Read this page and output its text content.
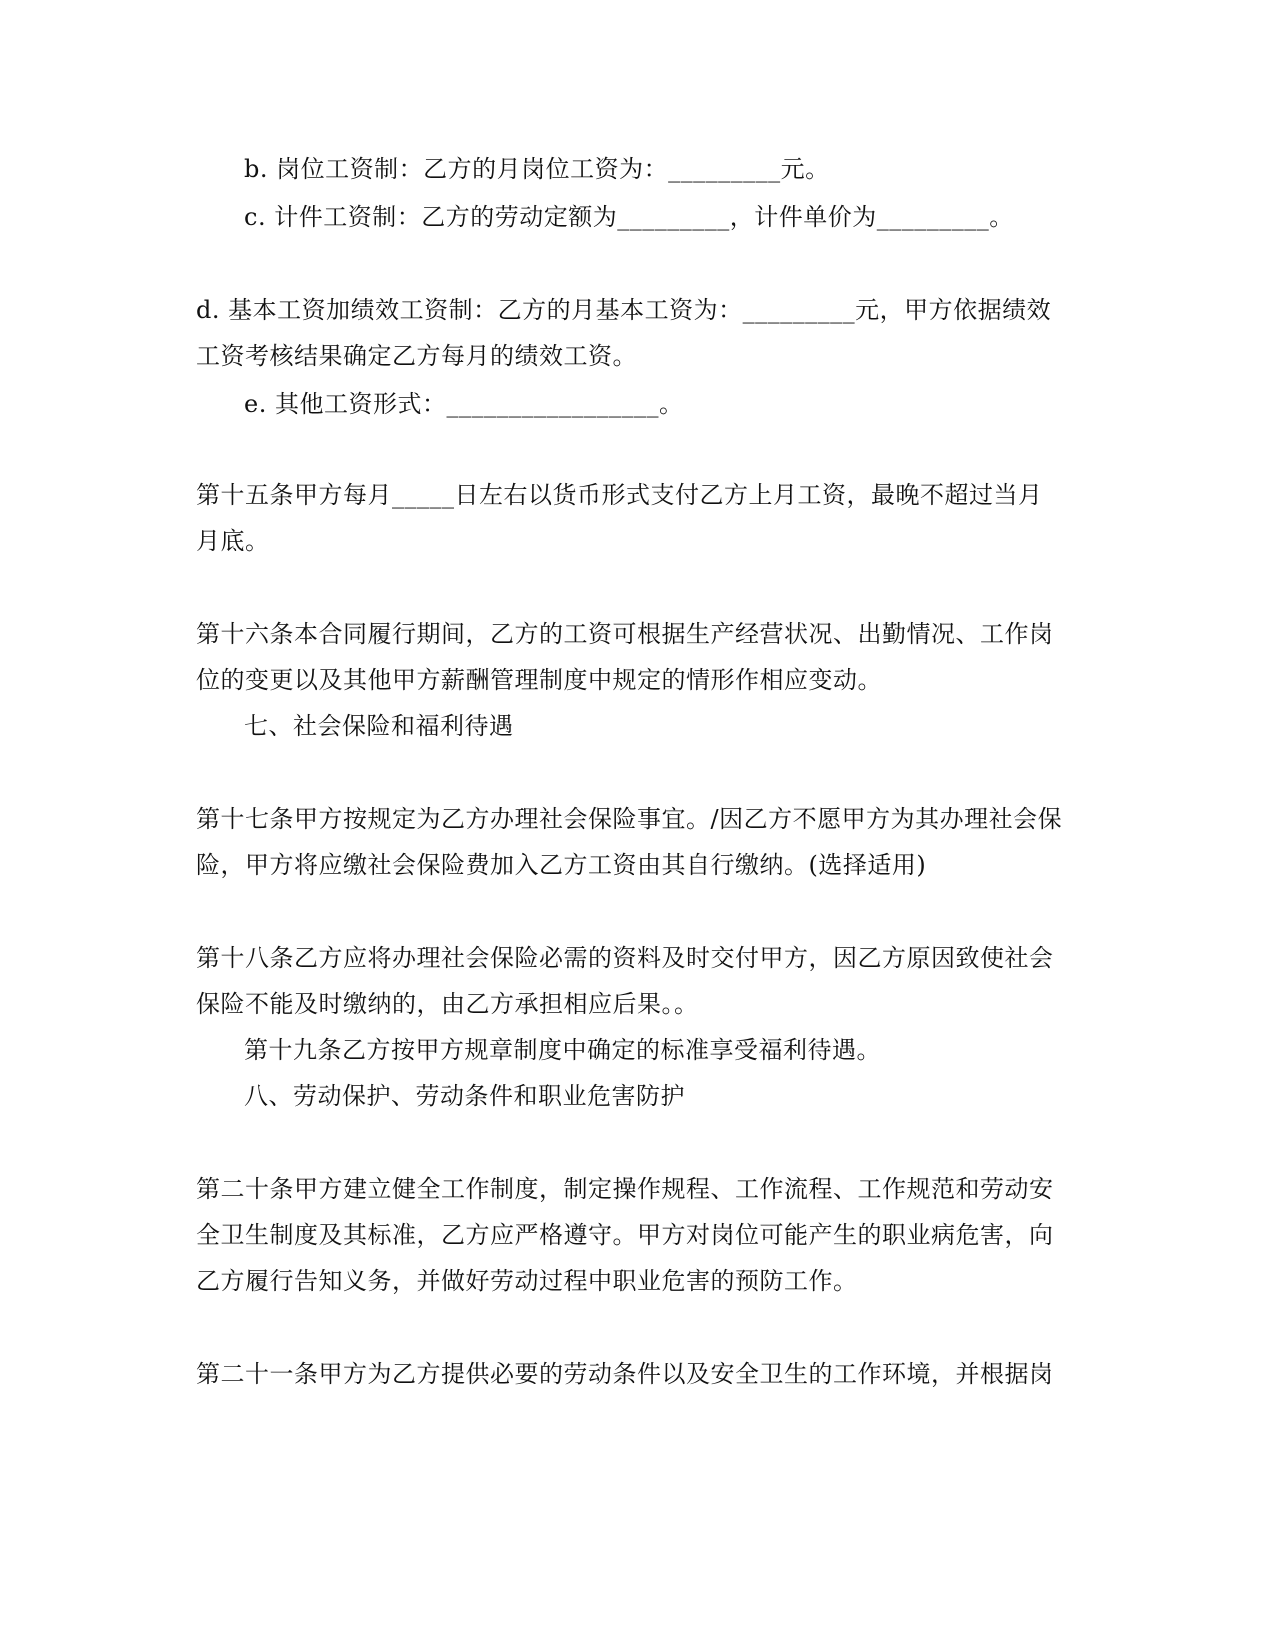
b. 岗位工资制：乙方的月岗位工资为：_________元。
c. 计件工资制：乙方的劳动定额为_________，计件单价为_________。
d. 基本工资加绩效工资制：乙方的月基本工资为：_________元，甲方依据绩效
工资考核结果确定乙方每月的绩效工资。
e. 其他工资形式：_________________。
第十五条甲方每月_____日左右以货币形式支付乙方上月工资，最晚不超过当月
月底。
第十六条本合同履行期间，乙方的工资可根据生产经营状况、出勤情况、工作岗
位的变更以及其他甲方薪酬管理制度中规定的情形作相应变动。
七、社会保险和福利待遇
第十七条甲方按规定为乙方办理社会保险事宜。/因乙方不愿甲方为其办理社会保
险，甲方将应缴社会保险费加入乙方工资由其自行缴纳。(选择适用)
第十八条乙方应将办理社会保险必需的资料及时交付甲方，因乙方原因致使社会
保险不能及时缴纳的，由乙方承担相应后果。。
第十九条乙方按甲方规章制度中确定的标准享受福利待遇。
八、劳动保护、劳动条件和职业危害防护
第二十条甲方建立健全工作制度，制定操作规程、工作流程、工作规范和劳动安
全卫生制度及其标准，乙方应严格遵守。甲方对岗位可能产生的职业病危害，向
乙方履行告知义务，并做好劳动过程中职业危害的预防工作。
第二十一条甲方为乙方提供必要的劳动条件以及安全卫生的工作环境，并根据岗
